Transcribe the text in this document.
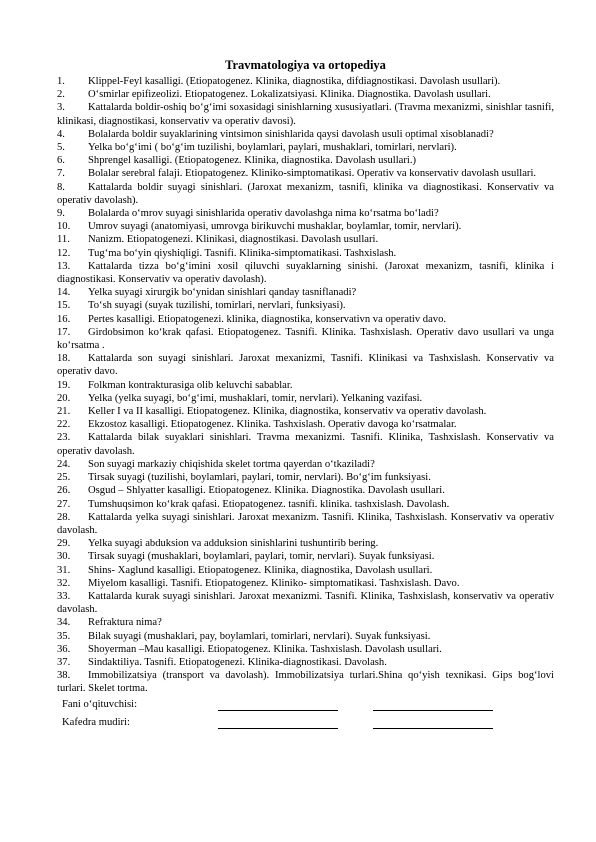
Travmatologiya va ortopediya
1. Klippel-Feyl kasalligi. (Etiopatogenez. Klinika, diagnostika, difdiagnostikasi. Davolash usullari).
2. O‘smirlar epifizeolizi. Etiopatogenez. Lokalizatsiyasi. Klinika. Diagnostika. Davolash usullari.
3. Kattalarda boldir-oshiq bo‘g‘imi soxasidagi sinishlarning xususiyatlari. (Travma mexanizmi, sinishlar tasnifi, klinikasi, diagnostikasi, konservativ va operativ davosi).
4. Bolalarda boldir suyaklarining vintsimon sinishlarida qaysi davolash usuli optimal xisoblanadi?
5. Yelka bo‘g‘imi ( bo‘g‘im tuzilishi, boylamlari, paylari, mushaklari, tomirlari, nervlari).
6. Shprengel kasalligi. (Etiopatogenez. Klinika, diagnostika. Davolash usullari.)
7. Bolalar serebral falaji. Etiopatogenez. Kliniko-simptomatikasi. Operativ va konservativ davolash usullari.
8. Kattalarda boldir suyagi sinishlari. (Jaroxat mexanizm, tasnifi, klinika va diagnostikasi. Konservativ va operativ davolash).
9. Bolalarda o‘mrov suyagi sinishlarida operativ davolashga nima ko‘rsatma bo‘ladi?
10. Umrov suyagi (anatomiyasi, umrovga birikuvchi mushaklar, boylamlar, tomir, nervlari).
11. Nanizm. Etiopatogenezi. Klinikasi, diagnostikasi. Davolash usullari.
12. Tug‘ma bo‘yin qiyshiqligi. Tasnifi. Klinika-simptomatikasi. Tashxislash.
13. Kattalarda tizza bo‘g‘imini xosil qiluvchi suyaklarning sinishi. (Jaroxat mexanizm, tasnifi, klinika i diagnostikasi. Konservativ va operativ davolash).
14. Yelka suyagi xirurgik bo‘ynidan sinishlari qanday tasniflanadi?
15. To‘sh suyagi (suyak tuzilishi, tomirlari, nervlari, funksiyasi).
16. Pertes kasalligi. Etiopatogenezi. klinika, diagnostika, konservativn va operativ davo.
17. Girdobsimon ko‘krak qafasi. Etiopatogenez. Tasnifi. Klinika. Tashxislash. Operativ davo usullari va unga ko‘rsatma .
18. Kattalarda son suyagi sinishlari. Jaroxat mexanizmi, Tasnifi. Klinikasi va Tashxislash. Konservativ va operativ davo.
19. Folkman kontrakturasiga olib keluvchi sabablar.
20. Yelka (yelka suyagi, bo‘g‘imi, mushaklari, tomir, nervlari). Yelkaning vazifasi.
21. Keller I va II kasalligi. Etiopatogenez. Klinika, diagnostika, konservativ va operativ davolash.
22. Ekzostoz kasalligi. Etiopatogenez. Klinika. Tashxislash. Operativ davoga ko‘rsatmalar.
23. Kattalarda bilak suyaklari sinishlari. Travma mexanizmi. Tasnifi. Klinika, Tashxislash. Konservativ va operativ davolash.
24. Son suyagi markaziy chiqishida skelet tortma qayerdan o‘tkaziladi?
25. Tirsak suyagi (tuzilishi, boylamlari, paylari, tomir, nervlari). Bo‘g‘im funksiyasi.
26. Osgud – Shlyatter kasalligi. Etiopatogenez. Klinika. Diagnostika. Davolash usullari.
27. Tumshuqsimon ko‘krak qafasi. Etiopatogenez. tasnifi. klinika. tashxislash. Davolash.
28. Kattalarda yelka suyagi sinishlari. Jaroxat mexanizm. Tasnifi. Klinika, Tashxislash. Konservativ va operativ davolash.
29. Yelka suyagi abduksion va adduksion sinishlarini tushuntirib bering.
30. Tirsak suyagi (mushaklari, boylamlari, paylari, tomir, nervlari). Suyak funksiyasi.
31. Shins- Xaglund kasalligi. Etiopatogenez. Klinika, diagnostika, Davolash usullari.
32. Miyelom kasalligi. Tasnifi. Etiopatogenez. Kliniko- simptomatikasi. Tashxislash. Davo.
33. Kattalarda kurak suyagi sinishlari. Jaroxat mexanizmi. Tasnifi. Klinika, Tashxislash, konservativ va operativ davolash.
34. Refraktura nima?
35. Bilak suyagi (mushaklari, pay, boylamlari, tomirlari, nervlari). Suyak funksiyasi.
36. Shoyerman –Mau kasalligi. Etiopatogenez. Klinika. Tashxislash. Davolash usullari.
37. Sindaktiliya. Tasnifi. Etiopatogenezi. Klinika-diagnostikasi. Davolash.
38. Immobilizatsiya (transport va davolash). Immobilizatsiya turlari.Shina qo‘yish texnikasi. Gips bog‘lovi turlari. Skelet tortma.
Fani o‘qituvchisi:
Kafedra mudiri:
